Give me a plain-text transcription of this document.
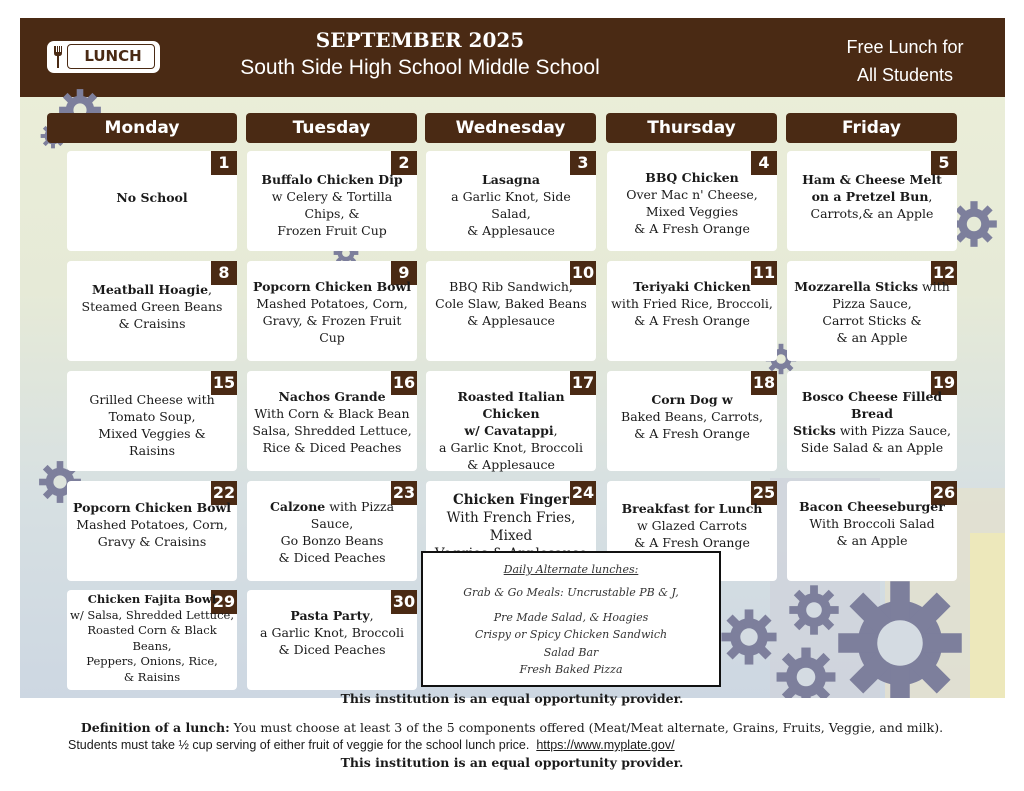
LUNCH
SEPTEMBER 2025
South Side High School Middle School
Free Lunch for
All Students
1
No School
2
Buffalo Chicken Dip
w Celery & Tortilla Chips, &
Frozen Fruit Cup
3
Lasagna
a Garlic Knot, Side Salad,
& Applesauce
4
BBQ Chicken
Over Mac n' Cheese,
Mixed Veggies
& A Fresh Orange
5
Ham & Cheese Melt
on a Pretzel Bun,
Carrots,& an Apple
8
Meatball Hoagie,
Steamed Green Beans
& Craisins
9
Popcorn Chicken Bowl
Mashed Potatoes, Corn,
Gravy, & Frozen Fruit Cup
10
BBQ Rib Sandwich,
Cole Slaw, Baked Beans
& Applesauce
11
Teriyaki Chicken
with Fried Rice, Broccoli,
& A Fresh Orange
12
Mozzarella Sticks with
Pizza Sauce,
Carrot Sticks &
& an Apple
15
Grilled Cheese with
Tomato Soup,
Mixed Veggies &
Raisins
16
Nachos Grande
With Corn & Black Bean
Salsa, Shredded Lettuce,
Rice & Diced Peaches
17
Roasted Italian Chicken
w/ Cavatappi,
a Garlic Knot, Broccoli
& Applesauce
18
Corn Dog w
Baked Beans, Carrots,
& A Fresh Orange
19
Bosco Cheese Filled Bread
Sticks with Pizza Sauce,
Side Salad & an Apple
22
Popcorn Chicken Bowl
Mashed Potatoes, Corn,
Gravy & Craisins
23
Calzone with Pizza Sauce,
Go Bonzo Beans
& Diced Peaches
24
Chicken Finger
With French Fries, Mixed
25
Breakfast for Lunch
w Glazed Carrots
& A Fresh Orange
26
Bacon Cheeseburger
With Broccoli Salad
& an Apple
29
Chicken Fajita Bowl
w/ Salsa, Shredded Lettuce,
Roasted Corn & Black Beans,
Peppers, Onions, Rice,
& Raisins
30
Pasta Party,
a Garlic Knot, Broccoli
& Diced Peaches
Daily Alternate lunches:
Grab & Go Meals: Uncrustable PB & J,
Pre Made Salad, & Hoagies
Crispy or Spicy Chicken Sandwich
Salad Bar
Fresh Baked Pizza
Monday	Tuesday	Wednesday	Thursday	Friday
This institution is an equal opportunity provider.
Definition of a lunch: You must choose at least 3 of the 5 components offered (Meat/Meat alternate, Grains, Fruits, Veggie, and milk).
Students must take ½ cup serving of either fruit of veggie for the school lunch price. https://www.myplate.gov/
This institution is an equal opportunity provider.
